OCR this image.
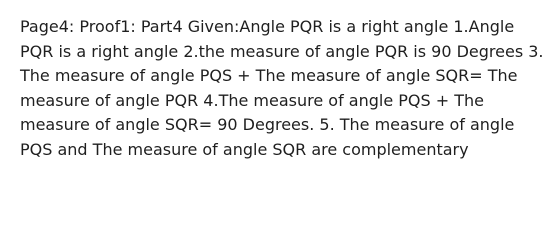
Page4: Proof1: Part4 Given:Angle PQR is a right angle 1.Angle PQR is a right angle 2.the measure of angle PQR is 90 Degrees 3. The measure of angle PQS + The measure of angle SQR= The measure of angle PQR 4.The measure of angle PQS + The measure of angle SQR= 90 Degrees. 5. The measure of angle PQS and The measure of angle SQR are complementary
